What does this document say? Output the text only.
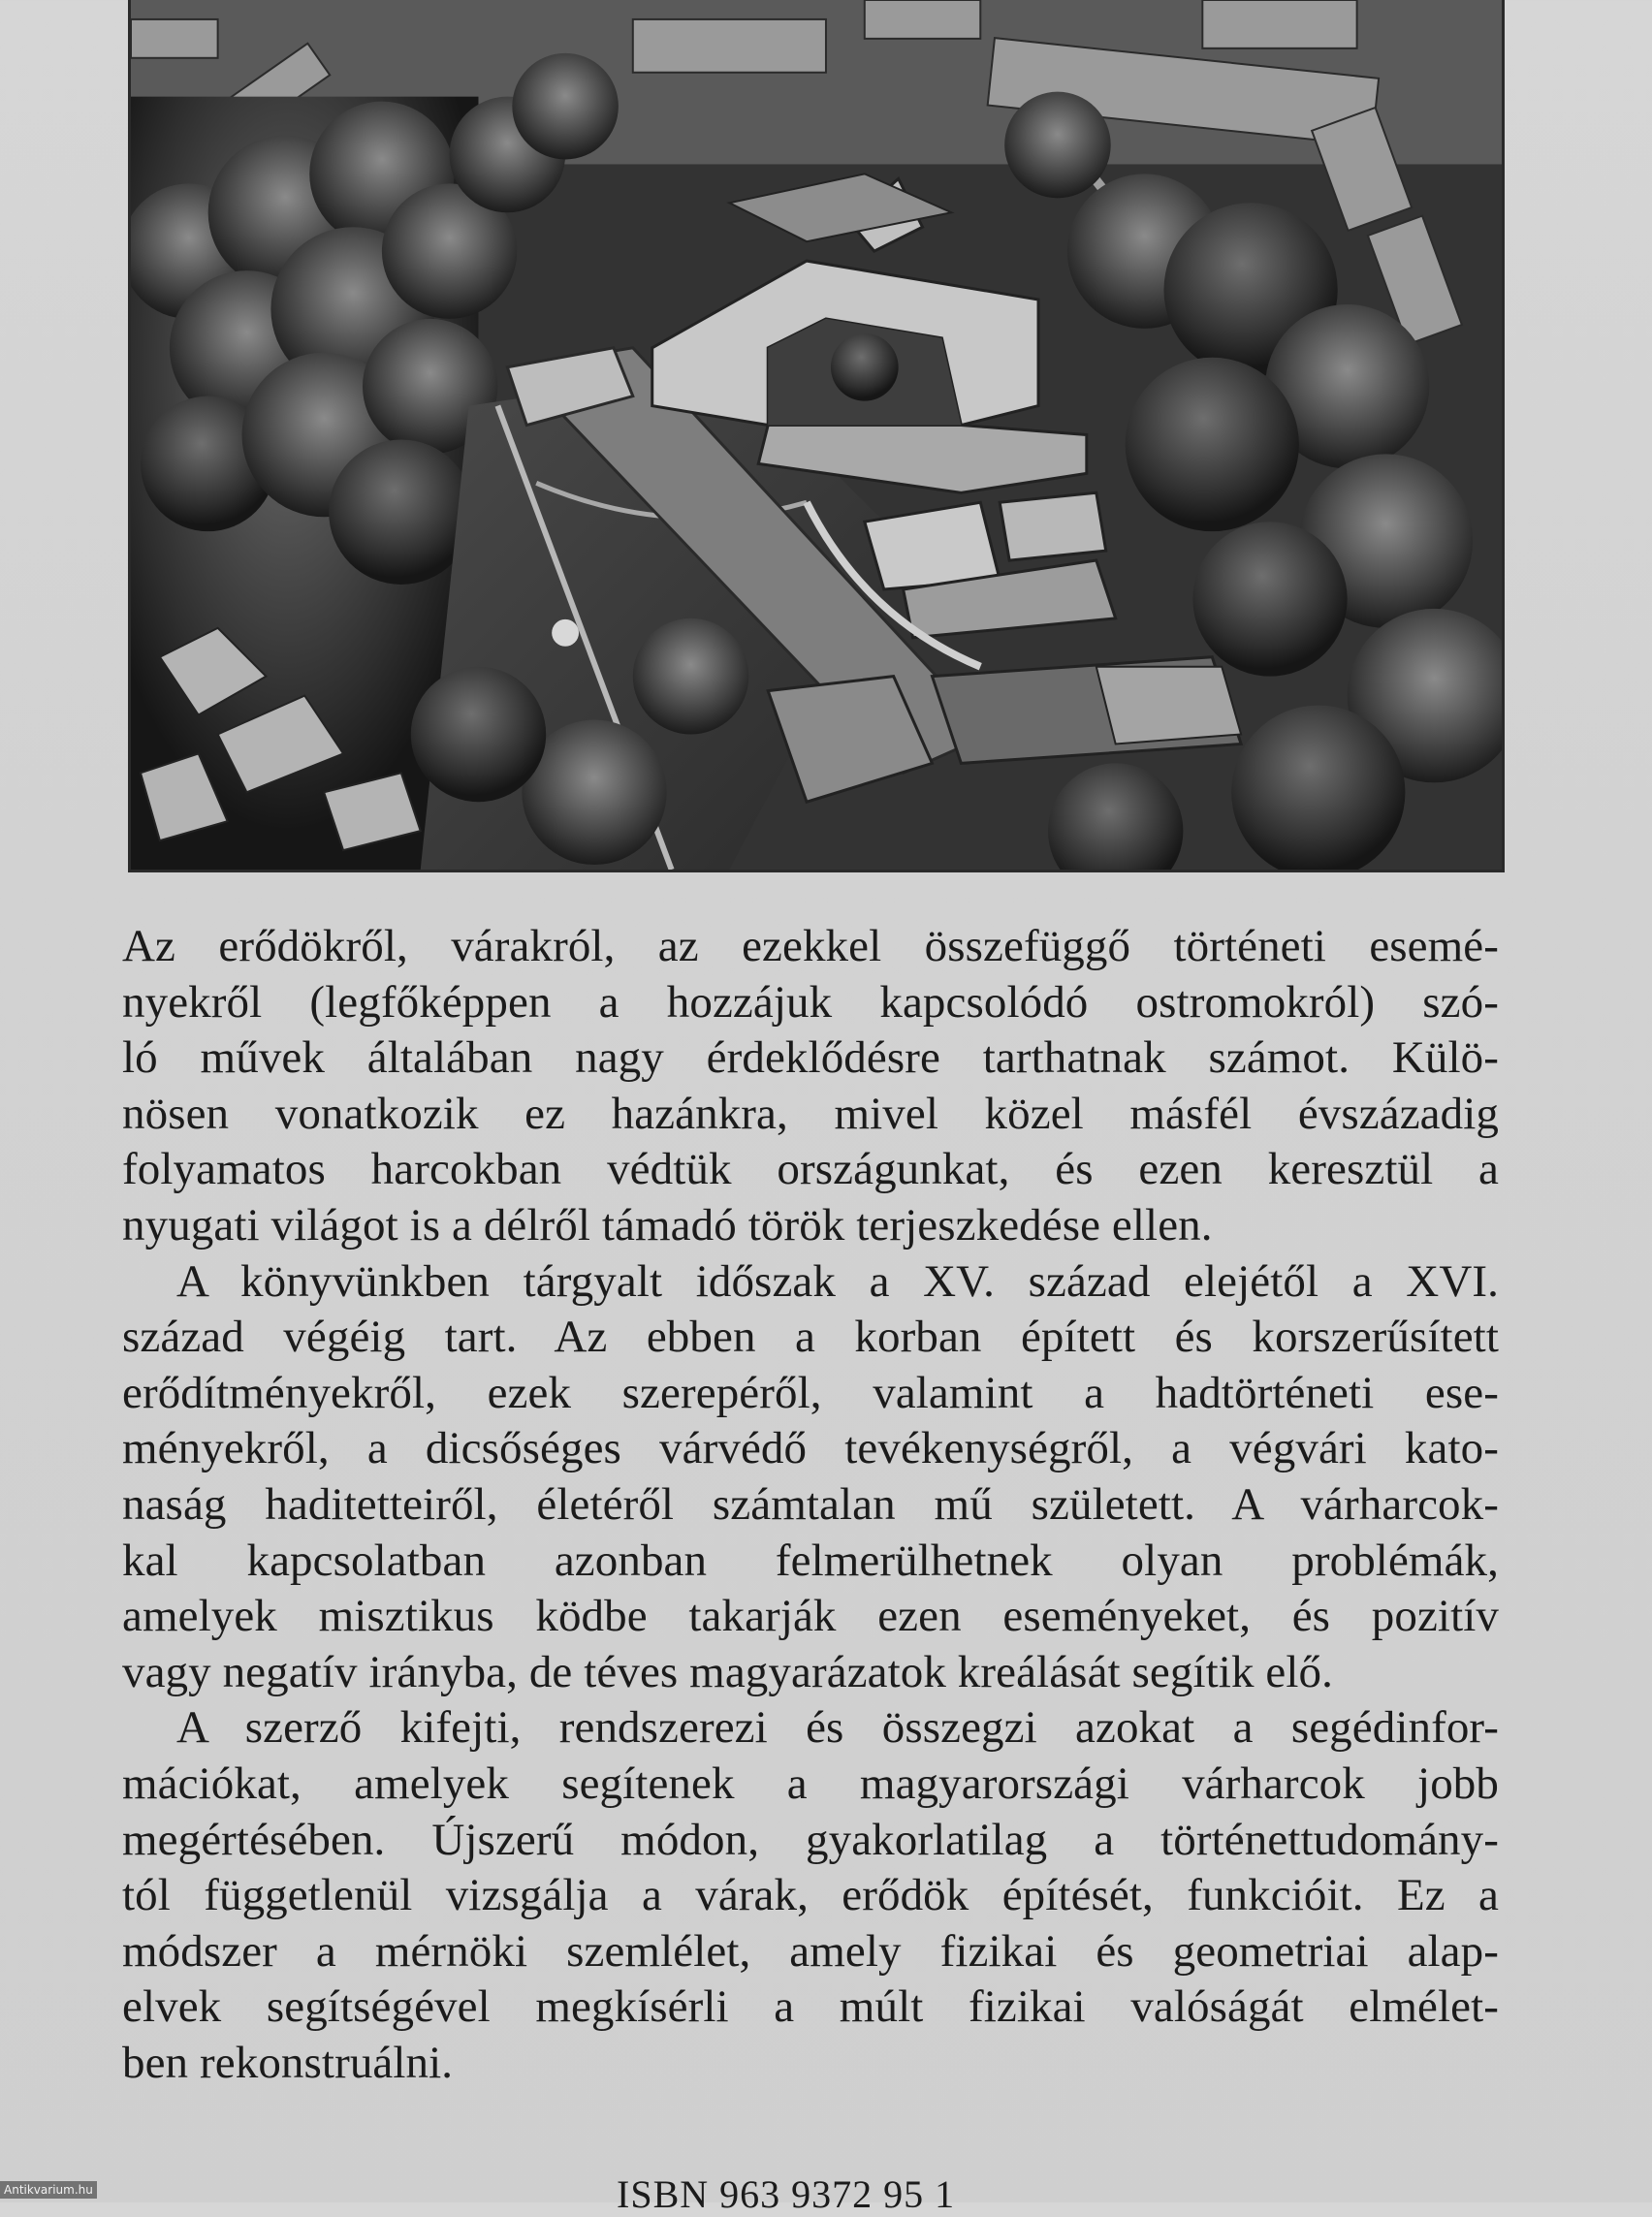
Az erődökről, várakról, az ezekkel összefüggő történeti esemé-
nyekről (legfőképpen a hozzájuk kapcsolódó ostromokról) szó-
ló művek általában nagy érdeklődésre tarthatnak számot. Külö-
nösen vonatkozik ez hazánkra, mivel közel másfél évszázadig
folyamatos harcokban védtük országunkat, és ezen keresztül a
nyugati világot is a délről támadó török terjeszkedése ellen.
A könyvünkben tárgyalt időszak a XV. század elejétől a XVI.
század végéig tart. Az ebben a korban épített és korszerűsített
erődítményekről, ezek szerepéről, valamint a hadtörténeti ese-
ményekről, a dicsőséges várvédő tevékenységről, a végvári kato-
naság haditetteiről, életéről számtalan mű született. A várharcok-
kal kapcsolatban azonban felmerülhetnek olyan problémák,
amelyek misztikus ködbe takarják ezen eseményeket, és pozitív
vagy negatív irányba, de téves magyarázatok kreálását segítik elő.
A szerző kifejti, rendszerezi és összegzi azokat a segédinfor-
mációkat, amelyek segítenek a magyarországi várharcok jobb
megértésében. Újszerű módon, gyakorlatilag a történettudomány-
tól függetlenül vizsgálja a várak, erődök építését, funkcióit. Ez a
módszer a mérnöki szemlélet, amely fizikai és geometriai alap-
elvek segítségével megkísérli a múlt fizikai valóságát elmélet-
ben rekonstruálni.
ISBN 963 9372 95 1
Antikvarium.hu
